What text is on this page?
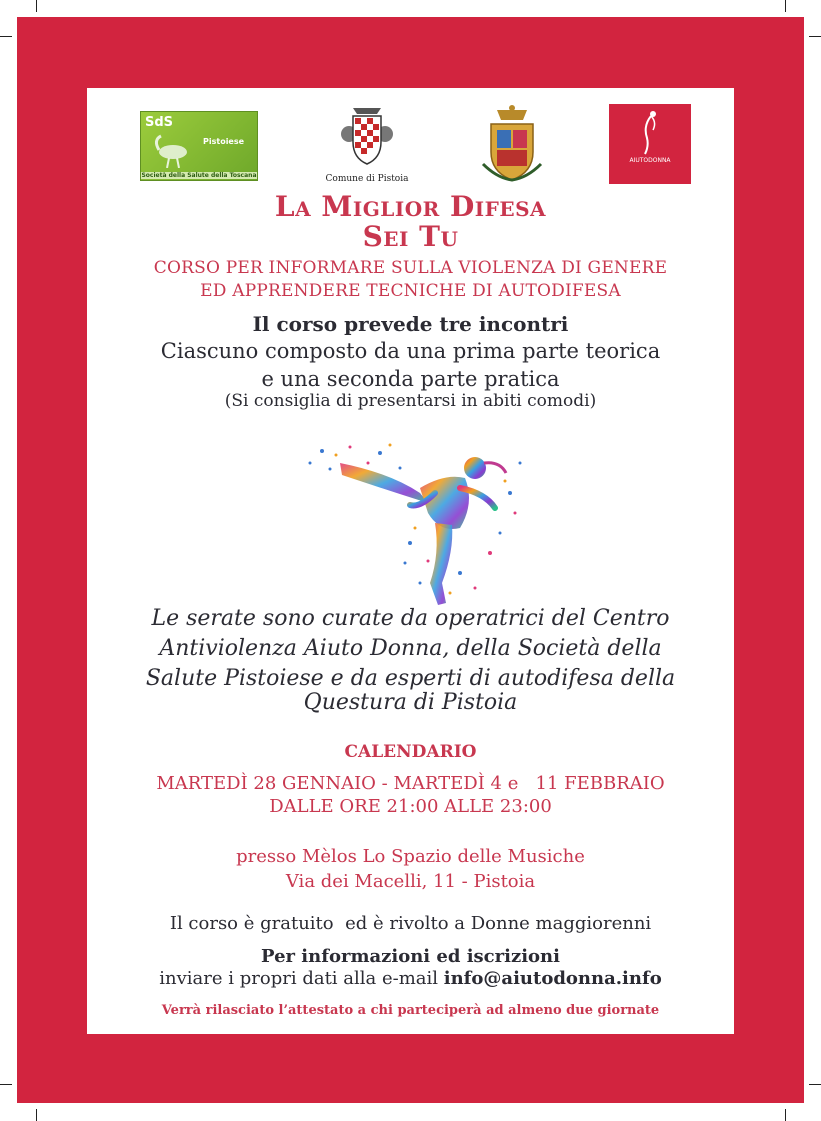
SdS
Pistoiese
Società della Salute della Toscana	Comune di Pistoia
AIUTODONNA
La Miglior Difesa
Sei Tu

CORSO PER INFORMARE SULLA VIOLENZA DI GENERE

ED APPRENDERE TECNICHE DI AUTODIFESA

Il corso prevede tre incontri

Ciascuno composto da una prima parte teorica

e una seconda parte pratica

(Si consiglia di presentarsi in abiti comodi)

Le serate sono curate da operatrici del Centro

Antiviolenza Aiuto Donna, della Società della

Salute Pistoiese e da esperti di autodifesa della

Questura di Pistoia

CALENDARIO

MARTEDÌ 28 GENNAIO - MARTEDÌ 4 e   11 FEBBRAIO

DALLE ORE 21:00 ALLE 23:00

presso Mèlos Lo Spazio delle Musiche

Via dei Macelli, 11 - Pistoia

Il corso è gratuito  ed è rivolto a Donne maggiorenni

Per informazioni ed iscrizioni

inviare i propri dati alla e-mail info@aiutodonna.info

Verrà rilasciato l’attestato a chi parteciperà ad almeno due giornate
